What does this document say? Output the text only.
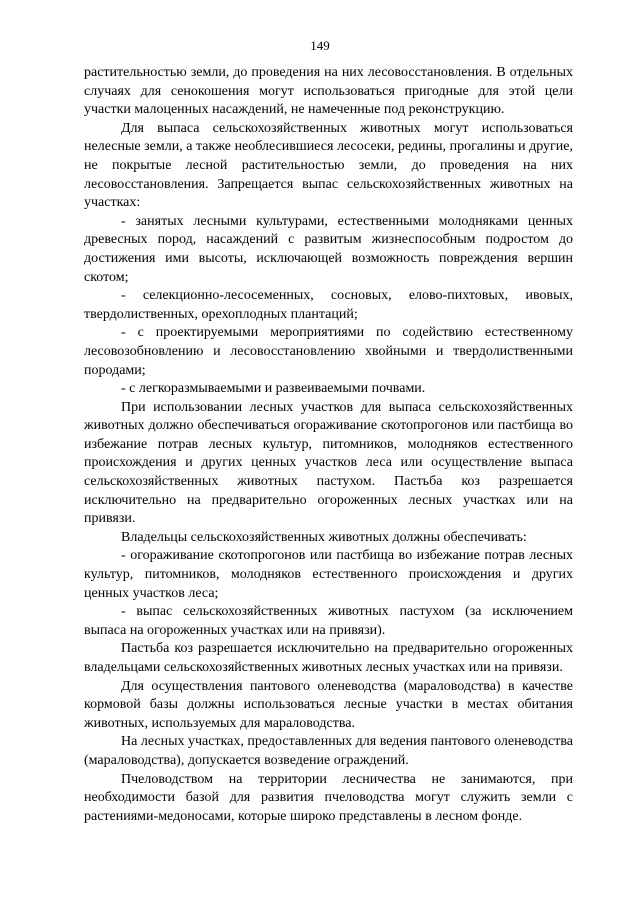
149

растительностью земли, до проведения на них лесовосстановления. В отдельных случаях для сенокошения могут использоваться пригодные для этой цели участки малоценных насаждений, не намеченные под реконструкцию.

Для выпаса сельскохозяйственных животных могут использоваться нелесные земли, а также необлесившиеся лесосеки, редины, прогалины и другие, не покрытые лесной растительностью земли, до проведения на них лесовосстановления. Запрещается выпас сельскохозяйственных животных на участках:

- занятых лесными культурами, естественными молодняками ценных древесных пород, насаждений с развитым жизнеспособным подростом до достижения ими высоты, исключающей возможность повреждения вершин скотом;

- селекционно-лесосеменных, сосновых, елово-пихтовых, ивовых, твердолиственных, орехоплодных плантаций;

- с проектируемыми мероприятиями по содействию естественному лесовозобновлению и лесовосстановлению хвойными и твердолиственными породами;

- с легкоразмываемыми и развеиваемыми почвами.

При использовании лесных участков для выпаса сельскохозяйственных животных должно обеспечиваться огораживание скотопрогонов или пастбища во избежание потрав лесных культур, питомников, молодняков естественного происхождения и других ценных участков леса или осуществление выпаса сельскохозяйственных животных пастухом. Пастьба коз разрешается исключительно на предварительно огороженных лесных участках или на привязи.

Владельцы сельскохозяйственных животных должны обеспечивать:

- огораживание скотопрогонов или пастбища во избежание потрав лесных культур, питомников, молодняков естественного происхождения и других ценных участков леса;

- выпас сельскохозяйственных животных пастухом (за исключением выпаса на огороженных участках или на привязи).

Пастьба коз разрешается исключительно на предварительно огороженных владельцами сельскохозяйственных животных лесных участках или на привязи.

Для осуществления пантового оленеводства (мараловодства) в качестве кормовой базы должны использоваться лесные участки в местах обитания животных, используемых для мараловодства.

На лесных участках, предоставленных для ведения пантового оленеводства (мараловодства), допускается возведение ограждений.

Пчеловодством на территории лесничества не занимаются, при необходимости базой для развития пчеловодства могут служить земли с растениями-медоносами, которые широко представлены в лесном фонде.
